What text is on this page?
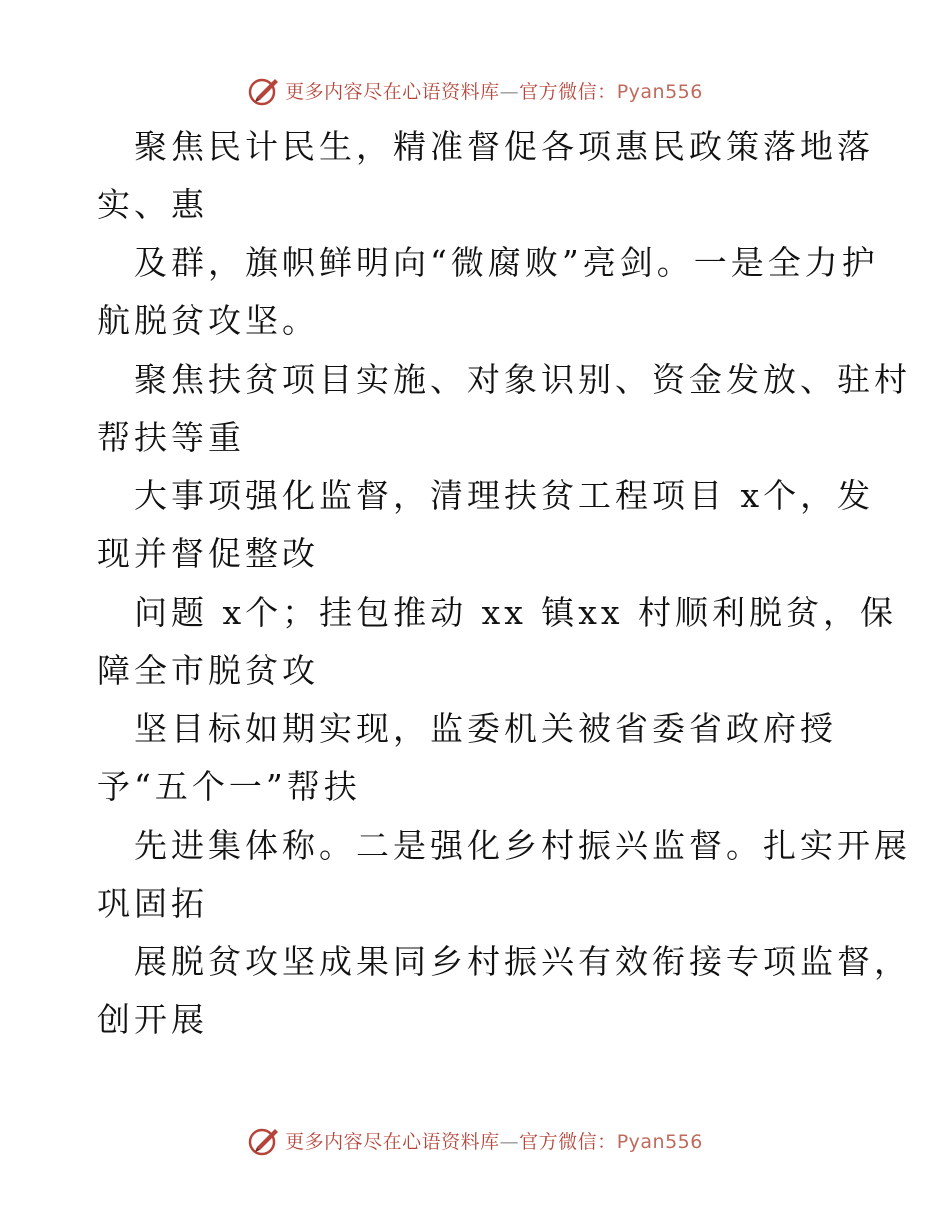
更多内容尽在心语资料库—官方微信：Pyan556
聚焦民计民生，精准督促各项惠民政策落地落
实、惠
及群，旗帜鲜明向“微腐败”亮剑。一是全力护
航脱贫攻坚。
聚焦扶贫项目实施、对象识别、资金发放、驻村
帮扶等重
大事项强化监督，清理扶贫工程项目 x个，发
现并督促整改
问题 x个；挂包推动 xx 镇xx 村顺利脱贫，保
障全市脱贫攻
坚目标如期实现，监委机关被省委省政府授
予“五个一”帮扶
先进集体称。二是强化乡村振兴监督。扎实开展
巩固拓
展脱贫攻坚成果同乡村振兴有效衔接专项监督，
创开展
更多内容尽在心语资料库—官方微信：Pyan556
